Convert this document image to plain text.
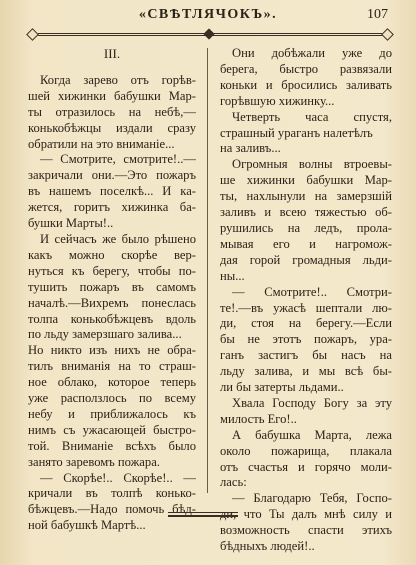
«СВѢТЛЯЧОКЪ».	107
III.
Когда зарево отъ горѣв-
шей хижинки бабушки Мар-
ты отразилось на небѣ,—
конькобѣжцы издали сразу
обратили на это вниманiе...
— Смотрите, смотрите!..—
закричали они.—Это пожаръ
въ нашемъ поселкѣ... И ка-
жется, горитъ хижинка ба-
бушки Марты!..
И сейчасъ же было рѣшено
какъ можно скорѣе вер-
нуться къ берегу, чтобы по-
тушить пожаръ въ самомъ
началѣ.—Вихремъ понеслась
толпа конькобѣжцевъ вдоль
по льду замерзшаго залива...
Но никто изъ нихъ не обра-
тилъ вниманiя на то страш-
ное облако, которое теперь
уже расползлось по всему
небу и приближалось къ
нимъ съ ужасающей быстро-
той. Вниманiе всѣхъ было
занято заревомъ пожара.
— Скорѣе!.. Скорѣе!.. —
кричали въ толпѣ конько-
бѣжцевъ.—Надо помочь бѣд-
ной бабушкѣ Мартѣ...
Они добѣжали уже до
берега, быстро развязали
коньки и бросились заливать
горѣвшую хижинку...
Четверть часа спустя,
страшный ураганъ налетѣлъ
на заливъ...
Огромныя волны втроевы-
ше хижинки бабушки Мар-
ты, нахлынули на замерзшiй
заливъ и всею тяжестью об-
рушились на ледъ, прола-
мывая его и нагромож-
дая горой громадныя льди-
ны...
— Смотрите!.. Смотри-
те!.—въ ужасѣ шептали лю-
ди, стоя на берегу.—Если
бы не этотъ пожаръ, ура-
ганъ застигъ бы насъ на
льду залива, и мы всѣ бы-
ли бы затерты льдами..
Хвала Господу Богу за эту
милость Его!..
А бабушка Марта, лежа
около пожарища, плакала
отъ счастья и горячо моли-
лась:
— Благодарю Тебя, Госпо-
ди, что Ты далъ мнѣ силу и
возможность спасти этихъ
бѣдныхъ людей!..
